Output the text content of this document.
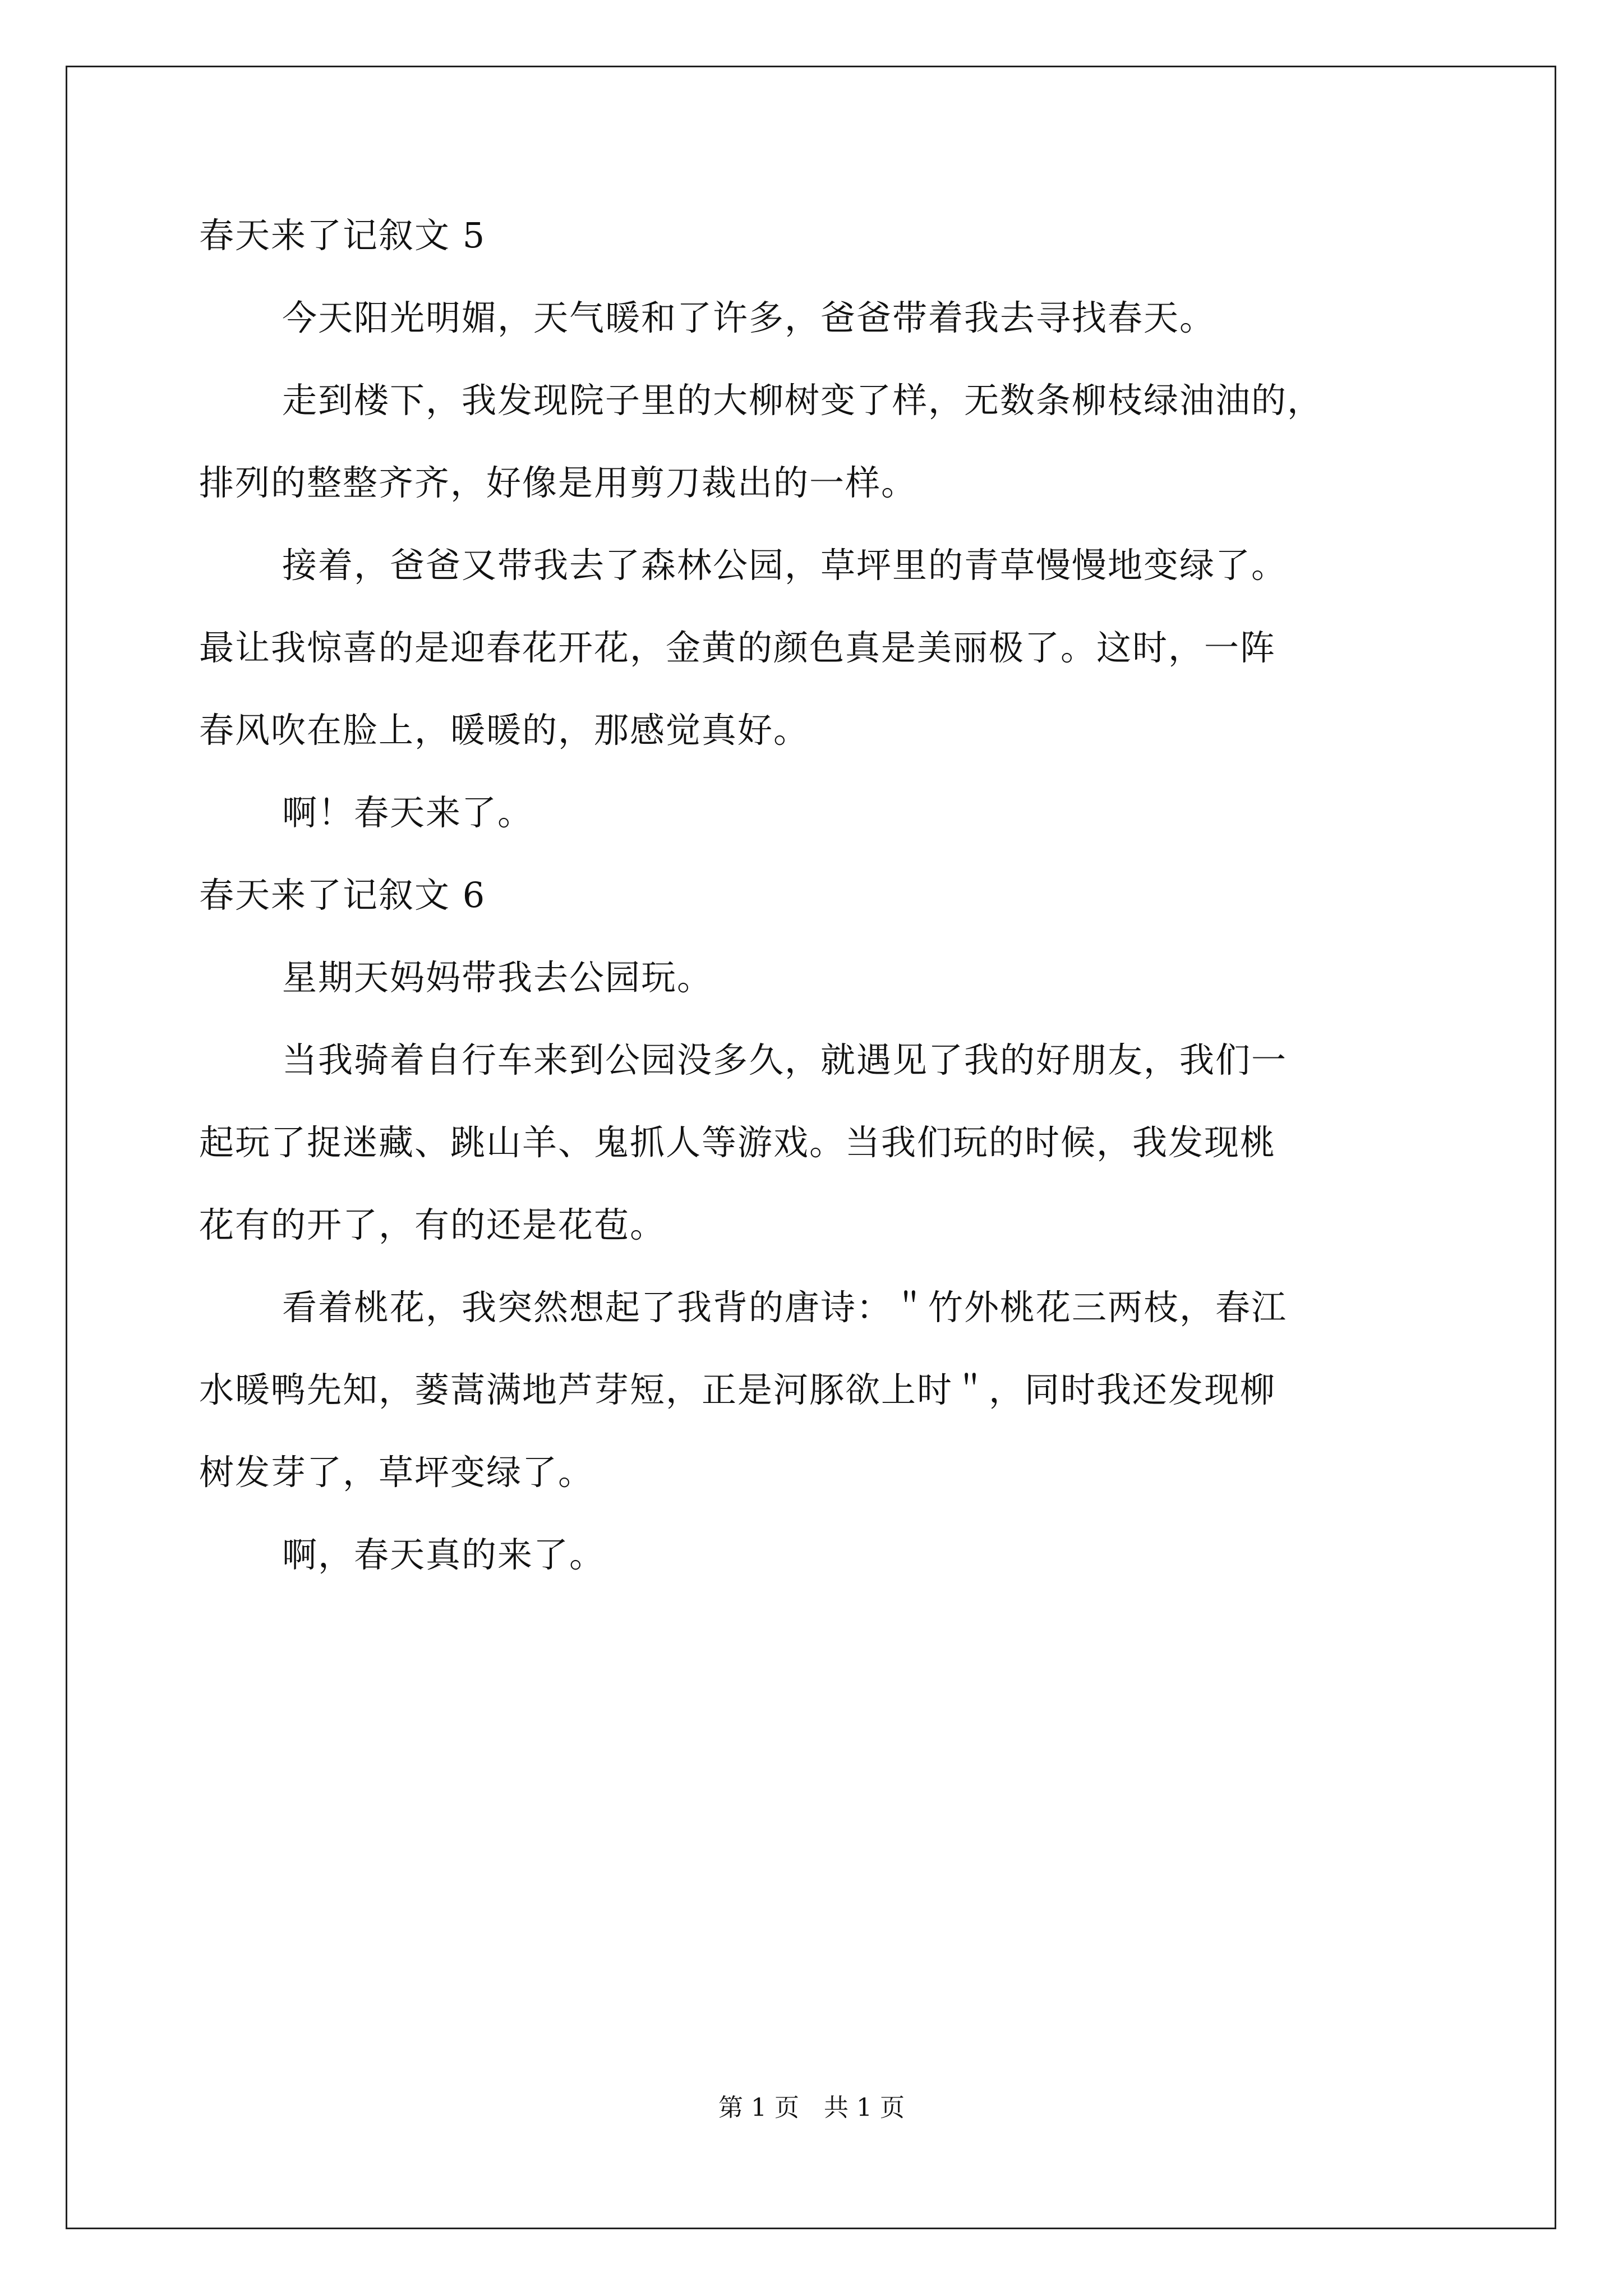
春天来了记叙文 5
今天阳光明媚，天气暖和了许多，爸爸带着我去寻找春天。
走到楼下，我发现院子里的大柳树变了样，无数条柳枝绿油油的，
排列的整整齐齐，好像是用剪刀裁出的一样。
接着，爸爸又带我去了森林公园，草坪里的青草慢慢地变绿了。
最让我惊喜的是迎春花开花，金黄的颜色真是美丽极了。这时，一阵
春风吹在脸上，暖暖的，那感觉真好。
啊！春天来了。
春天来了记叙文 6
星期天妈妈带我去公园玩。
当我骑着自行车来到公园没多久，就遇见了我的好朋友，我们一
起玩了捉迷藏、跳山羊、鬼抓人等游戏。当我们玩的时候，我发现桃
花有的开了，有的还是花苞。
看着桃花，我突然想起了我背的唐诗：＂竹外桃花三两枝，春江
水暖鸭先知，蒌蒿满地芦芽短，正是河豚欲上时＂，同时我还发现柳
树发芽了，草坪变绿了。
啊，春天真的来了。
第 1 页　共 1 页
